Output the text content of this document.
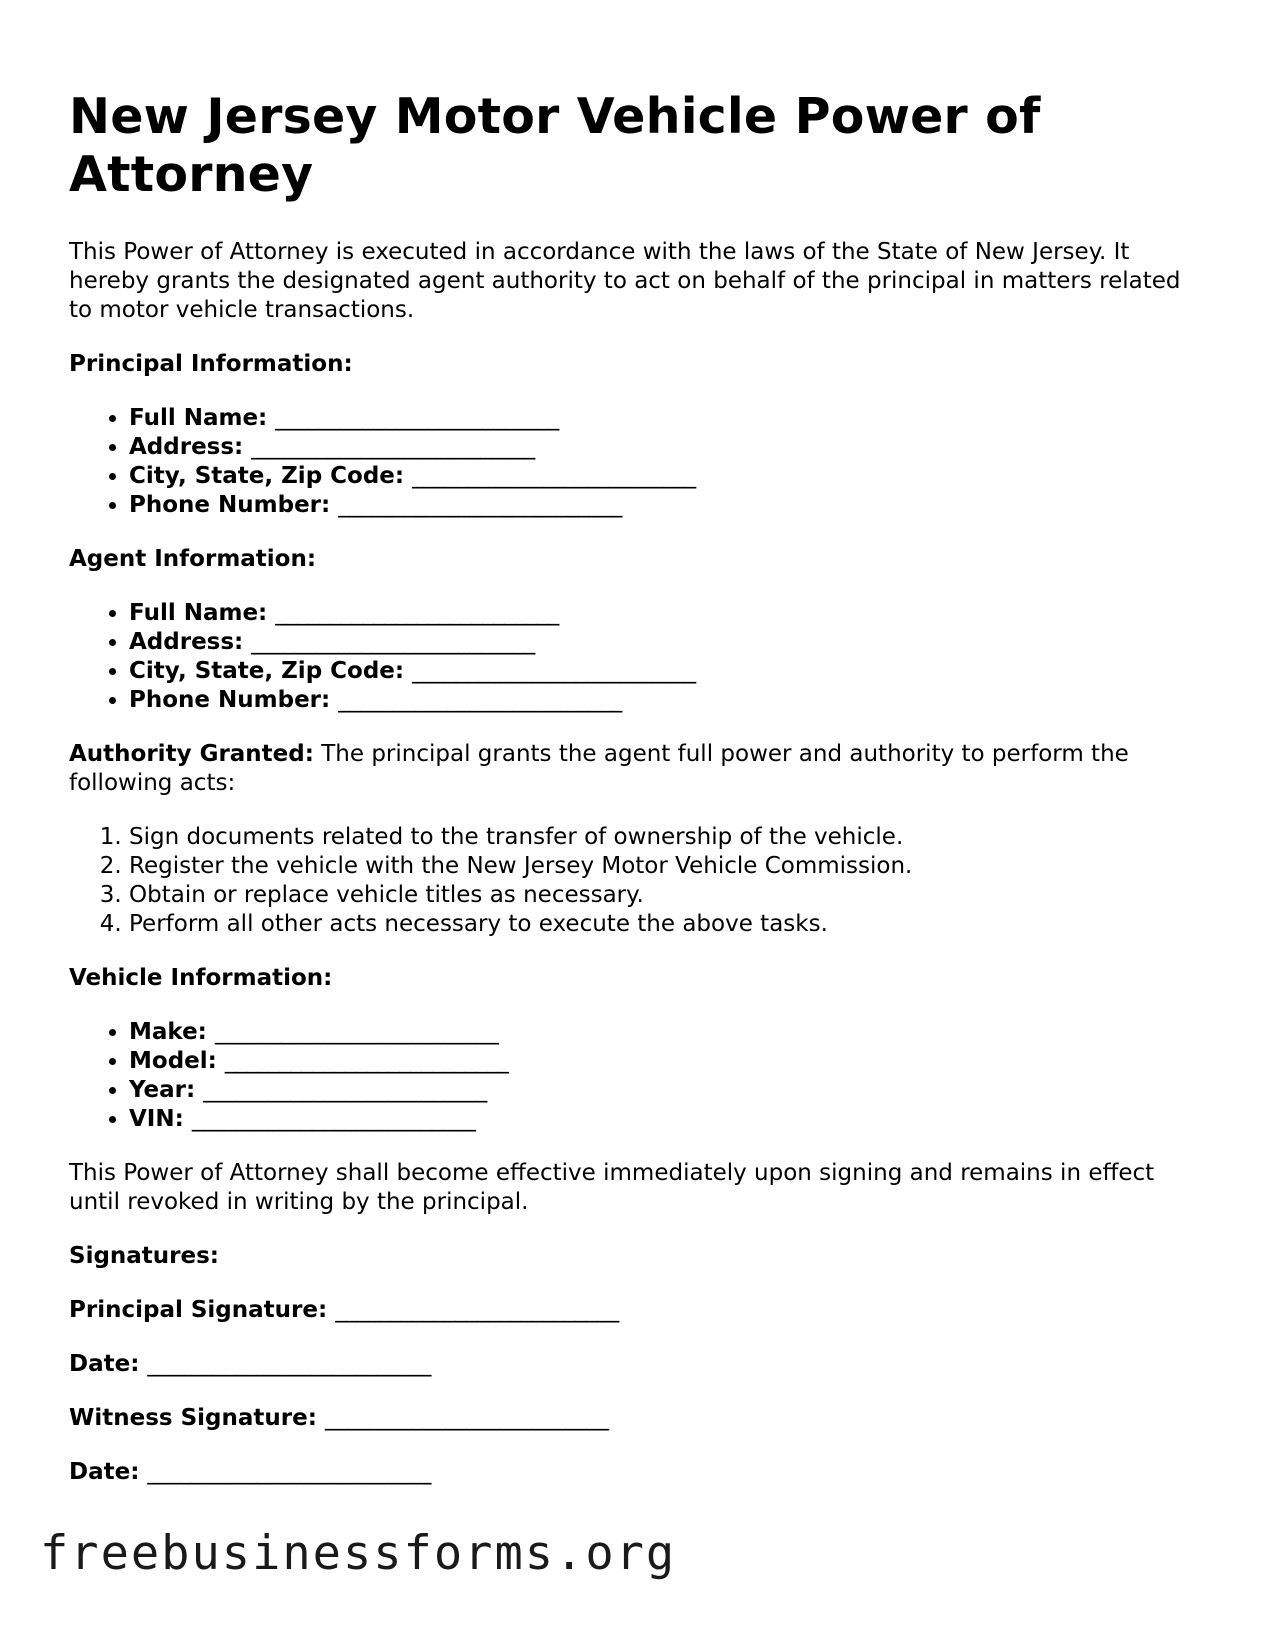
New Jersey Motor Vehicle Power of Attorney

This Power of Attorney is executed in accordance with the laws of the State of New Jersey. It hereby grants the designated agent authority to act on behalf of the principal in matters related to motor vehicle transactions.

Principal Information:

• Full Name: __________________________
• Address: __________________________
• City, State, Zip Code: __________________________
• Phone Number: __________________________

Agent Information:

• Full Name: __________________________
• Address: __________________________
• City, State, Zip Code: __________________________
• Phone Number: __________________________

Authority Granted: The principal grants the agent full power and authority to perform the following acts:

1. Sign documents related to the transfer of ownership of the vehicle.
2. Register the vehicle with the New Jersey Motor Vehicle Commission.
3. Obtain or replace vehicle titles as necessary.
4. Perform all other acts necessary to execute the above tasks.

Vehicle Information:

• Make: __________________________
• Model: __________________________
• Year: __________________________
• VIN: __________________________

This Power of Attorney shall become effective immediately upon signing and remains in effect until revoked in writing by the principal.

Signatures:

Principal Signature: __________________________

Date: __________________________

Witness Signature: __________________________

Date: __________________________

freebusinessforms.org
